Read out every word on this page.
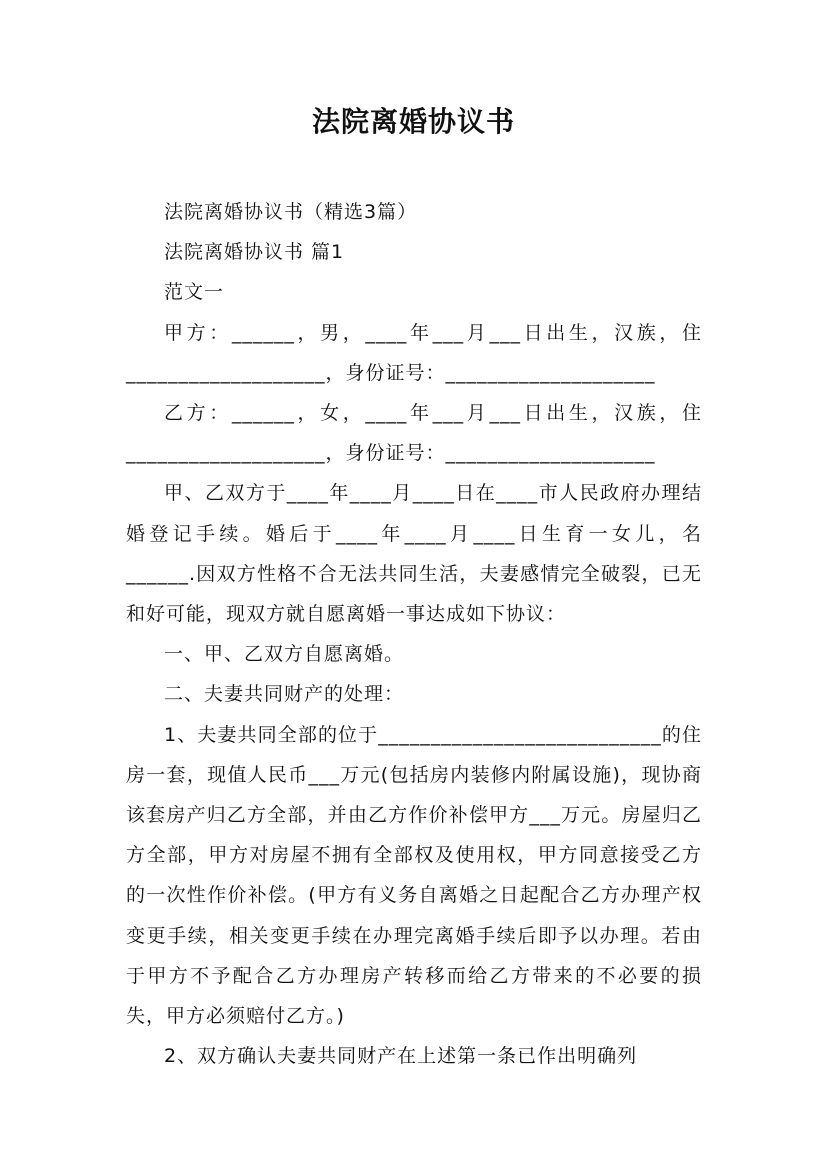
法院离婚协议书

法院离婚协议书（精选3篇）

法院离婚协议书 篇1

范文一

甲方：______，男，____年___月___日出生，汉族，住___________________，身份证号：____________________

乙方：______，女，____年___月___日出生，汉族，住___________________，身份证号：____________________

甲、乙双方于____年____月____日在____市人民政府办理结婚登记手续。婚后于____年____月____日生育一女儿，名______.因双方性格不合无法共同生活，夫妻感情完全破裂，已无和好可能，现双方就自愿离婚一事达成如下协议：

一、甲、乙双方自愿离婚。

二、夫妻共同财产的处理：

1、夫妻共同全部的位于___________________________的住房一套，现值人民币___万元(包括房内装修内附属设施)，现协商该套房产归乙方全部，并由乙方作价补偿甲方___万元。房屋归乙方全部，甲方对房屋不拥有全部权及使用权，甲方同意接受乙方的一次性作价补偿。(甲方有义务自离婚之日起配合乙方办理产权变更手续，相关变更手续在办理完离婚手续后即予以办理。若由于甲方不予配合乙方办理房产转移而给乙方带来的不必要的损失，甲方必须赔付乙方。)

2、双方确认夫妻共同财产在上述第一条已作出明确列
